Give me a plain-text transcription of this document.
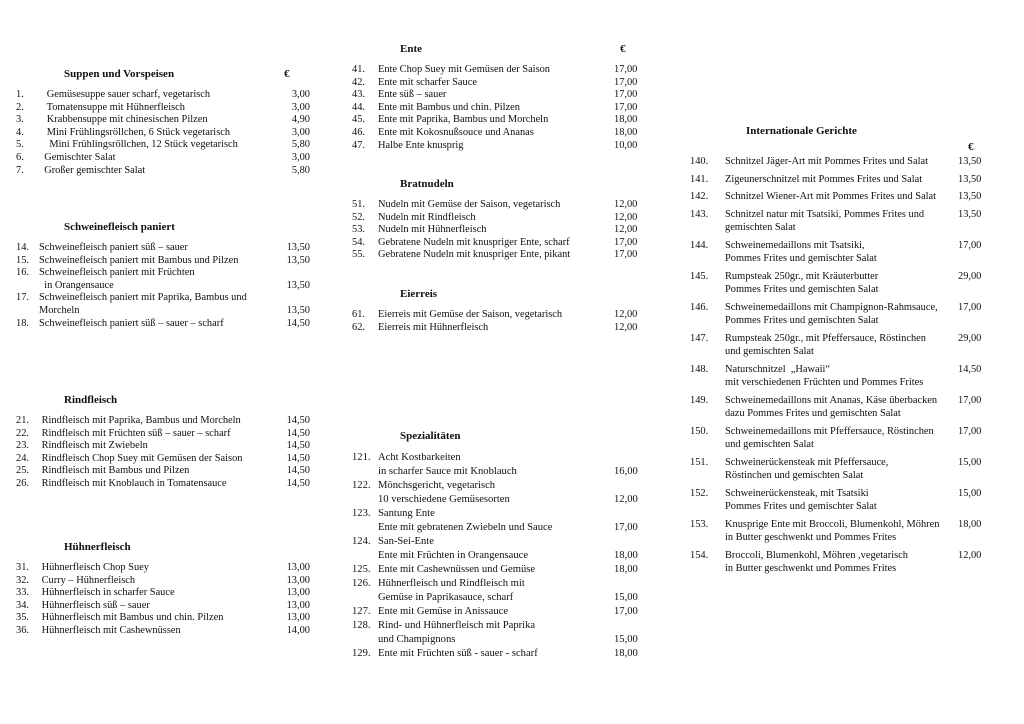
Suppen und Vorspeisen	€
1.	Gemüsesuppe sauer scharf, vegetarisch	3,00
2.	Tomatensuppe mit Hühnerfleisch	3,00
3.	Krabbensuppe mit chinesischen Pilzen	4,90
4.	Mini Frühlingsröllchen, 6 Stück vegetarisch	3,00
5.	Mini Frühlingsröllchen, 12 Stück vegetarisch	5,80
6.	Gemischter Salat	3,00
7.	Großer gemischter Salat	5,80
Schweinefleisch paniert
14. Schweinefleisch paniert süß – sauer	13,50
15. Schweinefleisch paniert mit Bambus und Pilzen	13,50
16. Schweinefleisch paniert mit Früchten
in Orangensauce	13,50
17. Schweinefleisch paniert mit Paprika, Bambus und
Morcheln	13,50
18. Schweinefleisch paniert süß – sauer – scharf	14,50
Rindfleisch
21. Rindfleisch mit Paprika, Bambus und Morcheln	14,50
22. Rindfleisch mit Früchten süß – sauer – scharf	14,50
23. Rindfleisch mit Zwiebeln	14,50
24. Rindfleisch Chop Suey mit Gemüsen der Saison	14,50
25. Rindfleisch mit Bambus und Pilzen	14,50
26. Rindfleisch mit Knoblauch in Tomatensauce	14,50
Hühnerfleisch
31. Hühnerfleisch Chop Suey	13,00
32. Curry – Hühnerfleisch	13,00
33. Hühnerfleisch in scharfer Sauce	13,00
34. Hühnerfleisch süß – sauer	13,00
35. Hühnerfleisch mit Bambus und chin. Pilzen	13,00
36. Hühnerfleisch mit Cashewnüssen	14,00
Ente	€
41.	Ente Chop Suey mit Gemüsen der Saison	17,00
42.	Ente mit scharfer Sauce	17,00
43.	Ente süß – sauer	17,00
44.	Ente mit Bambus und chin. Pilzen	17,00
45.	Ente mit Paprika, Bambus und Morcheln	18,00
46.	Ente mit Kokosnußsouce und Ananas	18,00
47.	Halbe Ente knusprig	10,00
Bratnudeln
51.	Nudeln mit Gemüse der Saison, vegetarisch	12,00
52.	Nudeln mit Rindfleisch	12,00
53.	Nudeln mit Hühnerfleisch	12,00
54.	Gebratene Nudeln mit knuspriger Ente, scharf	17,00
55.	Gebratene Nudeln mit knuspriger Ente, pikant	17,00
Eierreis
61.	Eierreis mit Gemüse der Saison, vegetarisch	12,00
62.	Eierreis mit Hühnerfleisch	12,00
Spezialitäten
121. Acht Kostbarkeiten
in scharfer Sauce mit Knoblauch	16,00
122. Mönchsgericht, vegetarisch
10 verschiedene Gemüsesorten	12,00
123. Santung Ente
Ente mit gebratenen Zwiebeln und Sauce	17,00
124. San-Sei-Ente
Ente mit Früchten in Orangensauce	18,00
125. Ente mit Cashewnüssen und Gemüse	18,00
126. Hühnerfleisch und Rindfleisch mit
Gemüse in Paprikasauce, scharf	15,00
127. Ente mit Gemüse in Anissauce	17,00
128. Rind- und Hühnerfleisch mit Paprika
und Champignons	15,00
129. Ente mit Früchten süß - sauer - scharf	18,00
Internationale Gerichte
€
140.	Schnitzel Jäger-Art mit Pommes Frites und Salat	13,50
141.	Zigeunerschnitzel mit Pommes Frites und Salat	13,50
142.	Schnitzel Wiener-Art mit Pommes Frites und Salat	13,50
143.	Schnitzel natur mit Tsatsiki, Pommes Frites und
gemischten Salat
13,50
144.	Schweinemedaillons mit Tsatsiki,
Pommes Frites und gemischter Salat
17,00
145.	Rumpsteak 250gr., mit Kräuterbutter
Pommes Frites und gemischten Salat
29,00
146.	Schweinemedaillons mit Champignon-Rahmsauce,
Pommes Frites und gemischten Salat
17,00
147.	Rumpsteak 250gr., mit Pfeffersauce, Röstinchen
und gemischten Salat
29,00
148.	Naturschnitzel  „Hawaii“
mit verschiedenen Früchten und Pommes Frites
14,50
149.	Schweinemedaillons mit Ananas, Käse überbacken
dazu Pommes Frites und gemischten Salat
17,00
150.	Schweinemedaillons mit Pfeffersauce, Röstinchen
und gemischten Salat
17,00
151.	Schweinerückensteak mit Pfeffersauce,
Röstinchen und gemischten Salat
15,00
152.	Schweinerückensteak, mit Tsatsiki
Pommes Frites und gemischter Salat
15,00
153.	Knusprige Ente mit Broccoli, Blumenkohl, Möhren
in Butter geschwenkt und Pommes Frites
18,00
154.	Broccoli, Blumenkohl, Möhren ,vegetarisch
in Butter geschwenkt und Pommes Frites
12,00
